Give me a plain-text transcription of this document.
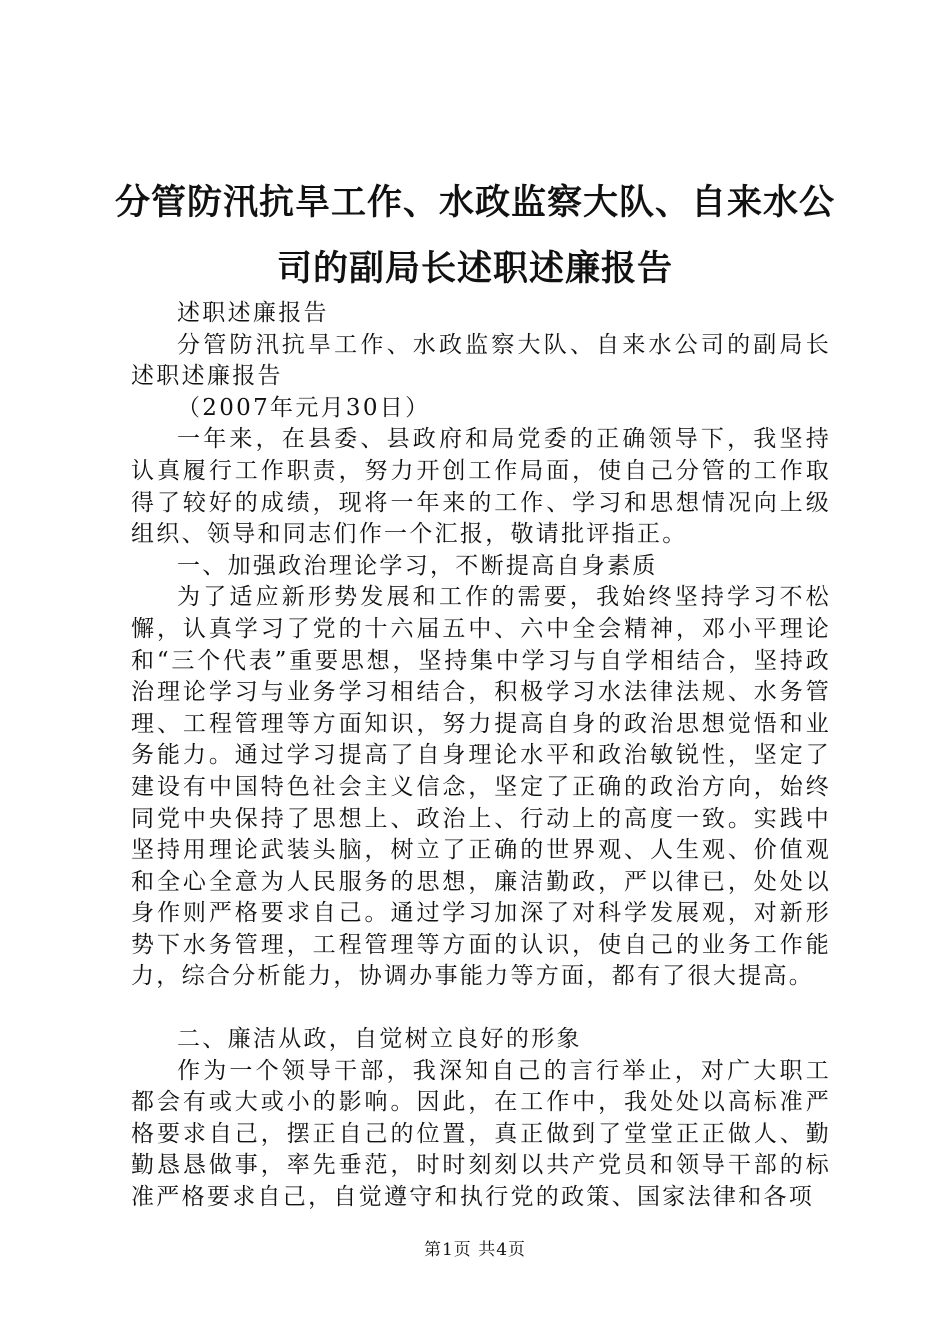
分管防汛抗旱工作、水政监察大队、自来水公司的副局长述职述廉报告

述职述廉报告

分管防汛抗旱工作、水政监察大队、自来水公司的副局长述职述廉报告

（2007年元月30日）

一年来，在县委、县政府和局党委的正确领导下，我坚持认真履行工作职责，努力开创工作局面，使自己分管的工作取得了较好的成绩，现将一年来的工作、学习和思想情况向上级组织、领导和同志们作一个汇报，敬请批评指正。

一、加强政治理论学习，不断提高自身素质

为了适应新形势发展和工作的需要，我始终坚持学习不松懈，认真学习了党的十六届五中、六中全会精神，邓小平理论和“三个代表”重要思想，坚持集中学习与自学相结合，坚持政治理论学习与业务学习相结合，积极学习水法律法规、水务管理、工程管理等方面知识，努力提高自身的政治思想觉悟和业务能力。通过学习提高了自身理论水平和政治敏锐性，坚定了建设有中国特色社会主义信念，坚定了正确的政治方向，始终同党中央保持了思想上、政治上、行动上的高度一致。实践中坚持用理论武装头脑，树立了正确的世界观、人生观、价值观和全心全意为人民服务的思想，廉洁勤政，严以律已，处处以身作则严格要求自己。通过学习加深了对科学发展观，对新形势下水务管理，工程管理等方面的认识，使自己的业务工作能力，综合分析能力，协调办事能力等方面，都有了很大提高。

二、廉洁从政，自觉树立良好的形象

作为一个领导干部，我深知自己的言行举止，对广大职工都会有或大或小的影响。因此，在工作中，我处处以高标准严格要求自己，摆正自己的位置，真正做到了堂堂正正做人、勤勤恳恳做事，率先垂范，时时刻刻以共产党员和领导干部的标准严格要求自己，自觉遵守和执行党的政策、国家法律和各项

第1页 共4页
